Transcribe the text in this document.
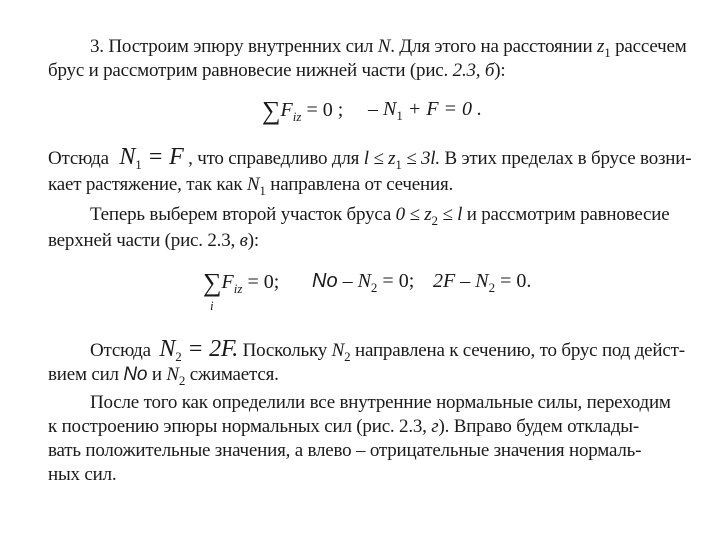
3. Построим эпюру внутренних сил N. Для этого на расстоянии $z_1$ рассечем
брус и рассмотрим равновесие нижней части (рис. 2.3, б):
$\sum F_{iz} = 0$ ; – $N_1 + F = 0$ .
Отсюда $N_1 = F$ , что справедливо для $l \le z_1 \le 3l$. В этих пределах в брусе возни-
кает растяжение, так как $N_1$ направлена от сечения.
Теперь выберем второй участок бруса $0 \le z_2 \le l$ и рассмотрим равновесие
верхней части (рис. 2.3, в):
$\sum F_{iz} = 0$;
i
$No - N_2 = 0$; $2F - N_2 = 0$.
Отсюда $N_2 = 2F$. Поскольку $N_2$ направлена к сечению, то брус под дейст-
вием сил No и $N_2$ сжимается.
После того как определили все внутренние нормальные силы, переходим
к построению эпюры нормальных сил (рис. 2.3, г). Вправо будем отклады-
вать положительные значения, а влево – отрицательные значения нормаль-
ных сил.
